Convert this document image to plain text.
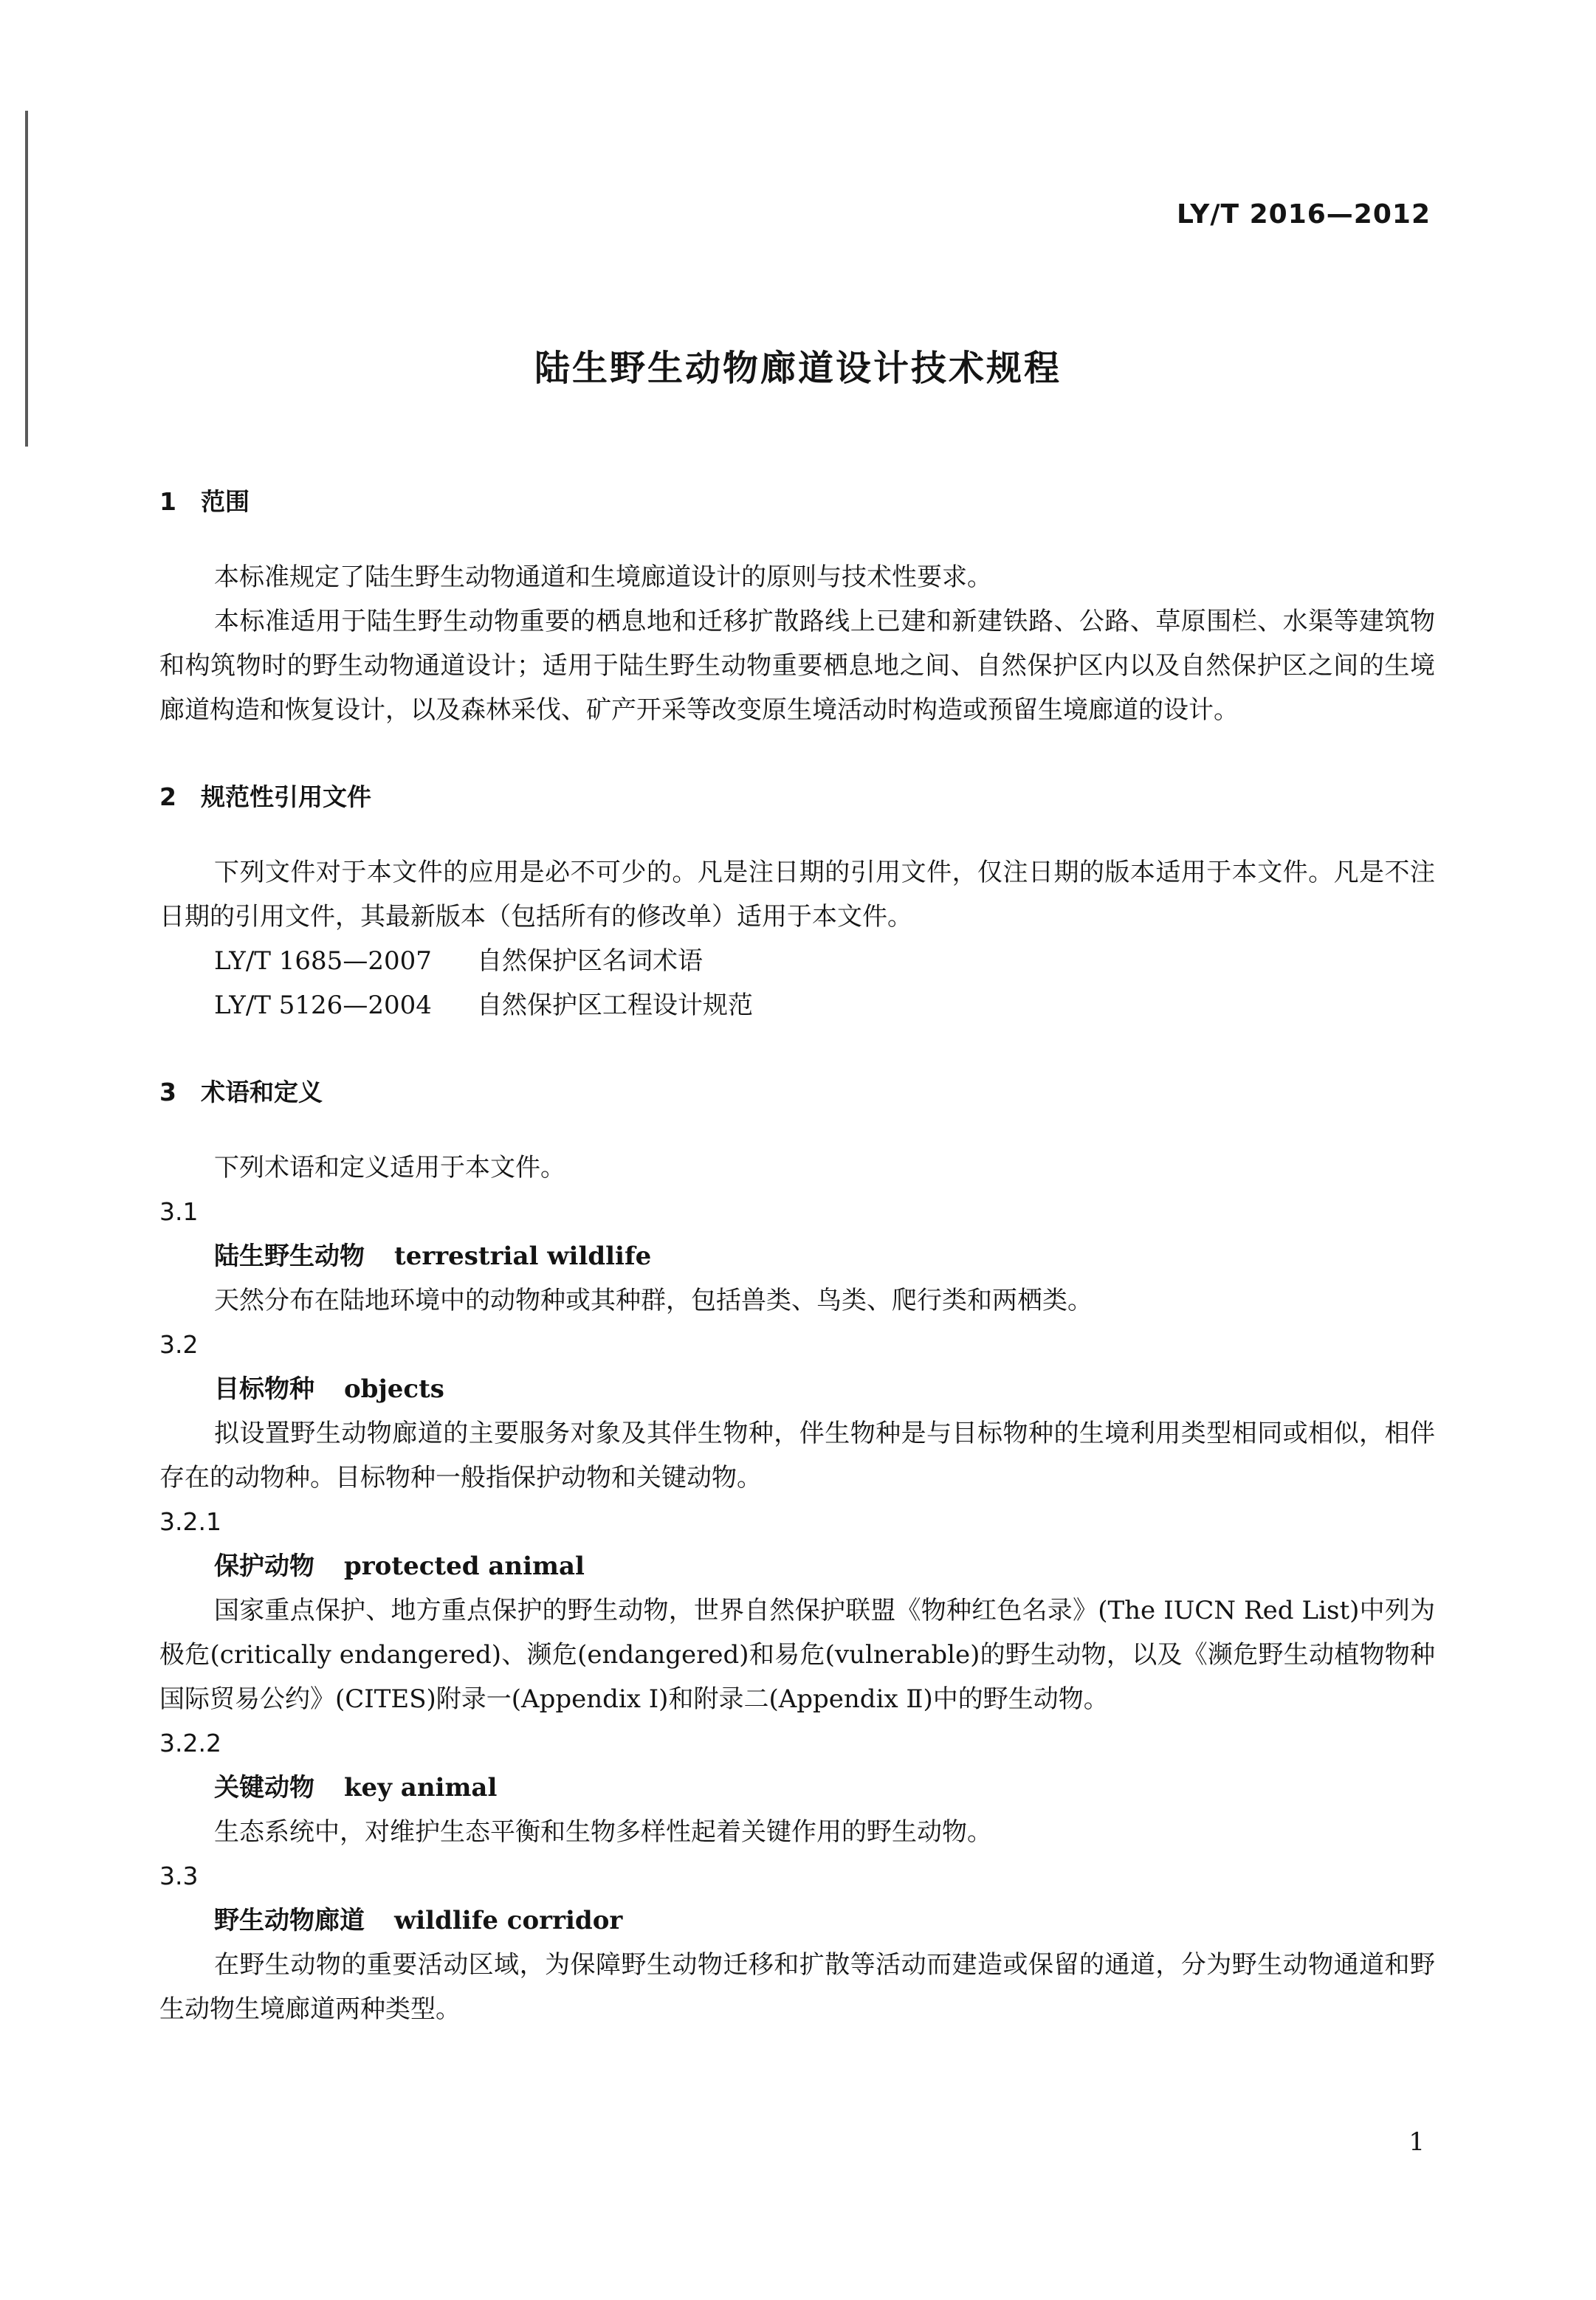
LY/T 2016—2012
陆生野生动物廊道设计技术规程

1 范围

本标准规定了陆生野生动物通道和生境廊道设计的原则与技术性要求。

本标准适用于陆生野生动物重要的栖息地和迁移扩散路线上已建和新建铁路、公路、草原围栏、水渠等建筑物和构筑物时的野生动物通道设计；适用于陆生野生动物重要栖息地之间、自然保护区内以及自然保护区之间的生境廊道构造和恢复设计，以及森林采伐、矿产开采等改变原生境活动时构造或预留生境廊道的设计。

2 规范性引用文件

下列文件对于本文件的应用是必不可少的。凡是注日期的引用文件，仅注日期的版本适用于本文件。凡是不注日期的引用文件，其最新版本（包括所有的修改单）适用于本文件。

LY/T 1685—2007 自然保护区名词术语

LY/T 5126—2004 自然保护区工程设计规范

3 术语和定义

下列术语和定义适用于本文件。

3.1

陆生野生动物 terrestrial wildlife

天然分布在陆地环境中的动物种或其种群，包括兽类、鸟类、爬行类和两栖类。

3.2

目标物种 objects

拟设置野生动物廊道的主要服务对象及其伴生物种，伴生物种是与目标物种的生境利用类型相同或相似，相伴存在的动物种。目标物种一般指保护动物和关键动物。

3.2.1

保护动物 protected animal

国家重点保护、地方重点保护的野生动物，世界自然保护联盟《物种红色名录》(The IUCN Red List)中列为极危(critically endangered)、濒危(endangered)和易危(vulnerable)的野生动物，以及《濒危野生动植物物种国际贸易公约》(CITES)附录一(Appendix Ⅰ)和附录二(Appendix Ⅱ)中的野生动物。

3.2.2

关键动物 key animal

生态系统中，对维护生态平衡和生物多样性起着关键作用的野生动物。

3.3

野生动物廊道 wildlife corridor

在野生动物的重要活动区域，为保障野生动物迁移和扩散等活动而建造或保留的通道，分为野生动物通道和野生动物生境廊道两种类型。

1
